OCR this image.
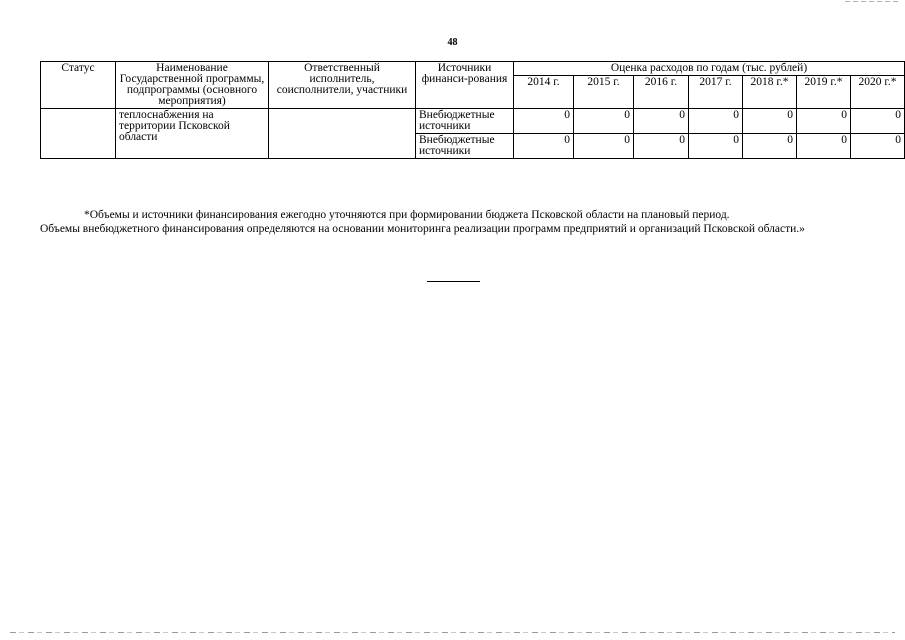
48
Статус	Наименование Государственной программы, подпрограммы (основного мероприятия)	Ответственный исполнитель, соисполнители, участники	Источники финанси-рования	Оценка расходов по годам (тыс. рублей)						
				2014 г.	2015 г.	2016 г.	2017 г.	2018 г.*	2019 г.*	2020 г.*
	теплоснабжения на территории Псковской области		Внебюджетные источники	0	0	0	0	0	0	0
			Внебюджетные источники	0	0	0	0	0	0	0

*Объемы и источники финансирования ежегодно уточняются при формировании бюджета Псковской области на плановый период.

Объемы внебюджетного финансирования определяются на основании мониторинга реализации программ предприятий и организаций Псковской области.»
